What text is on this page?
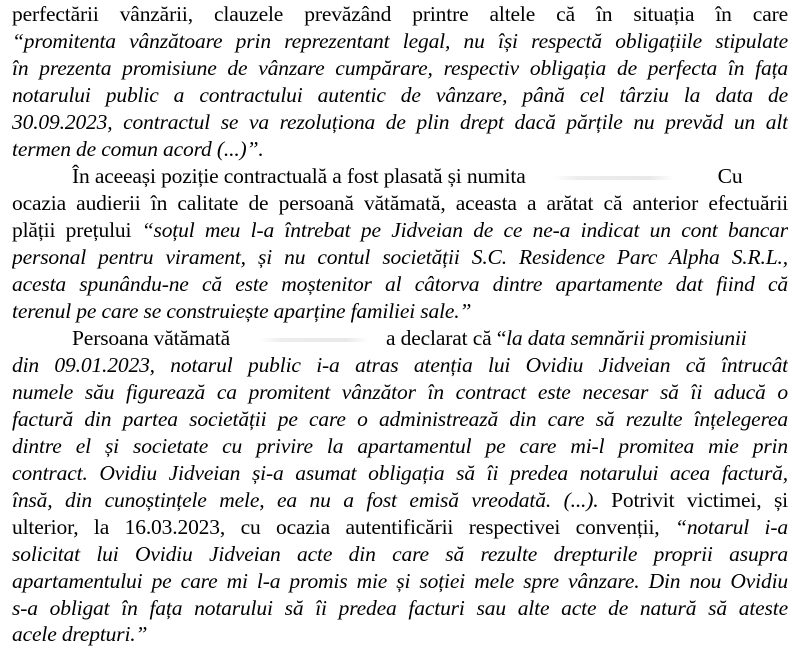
perfectării vânzării, clauzele prevăzând printre altele că în situația în care
“promitenta vânzătoare prin reprezentant legal, nu își respectă obligațiile stipulate
în prezenta promisiune de vânzare cumpărare, respectiv obligația de perfecta în fața
notarului public a contractului autentic de vânzare, până cel târziu la data de
30.09.2023, contractul se va rezoluționa de plin drept dacă părțile nu prevăd un alt
termen de comun acord (...)”.
În aceeași poziție contractuală a fost plasată și numita	Cu
ocazia audierii în calitate de persoană vătămată, aceasta a arătat că anterior efectuării
plății prețului “soțul meu l-a întrebat pe Jidveian de ce ne-a indicat un cont bancar
personal pentru virament, și nu contul societății S.C. Residence Parc Alpha S.R.L.,
acesta spunându-ne că este moștenitor al câtorva dintre apartamente dat fiind că
terenul pe care se construiește aparține familiei sale.”
Persoana vătămată	a declarat că “la data semnării promisiunii
din 09.01.2023, notarul public i-a atras atenția lui Ovidiu Jidveian că întrucât
numele său figurează ca promitent vânzător în contract este necesar să îi aducă o
factură din partea societății pe care o administrează din care să rezulte înțelegerea
dintre el și societate cu privire la apartamentul pe care mi-l promitea mie prin
contract. Ovidiu Jidveian și-a asumat obligația să îi predea notarului acea factură,
însă, din cunoștințele mele, ea nu a fost emisă vreodată. (...). Potrivit victimei, și
ulterior, la 16.03.2023, cu ocazia autentificării respectivei convenții, “notarul i-a
solicitat lui Ovidiu Jidveian acte din care să rezulte drepturile proprii asupra
apartamentului pe care mi l-a promis mie și soției mele spre vânzare. Din nou Ovidiu
s-a obligat în fața notarului să îi predea facturi sau alte acte de natură să ateste
acele drepturi.”
